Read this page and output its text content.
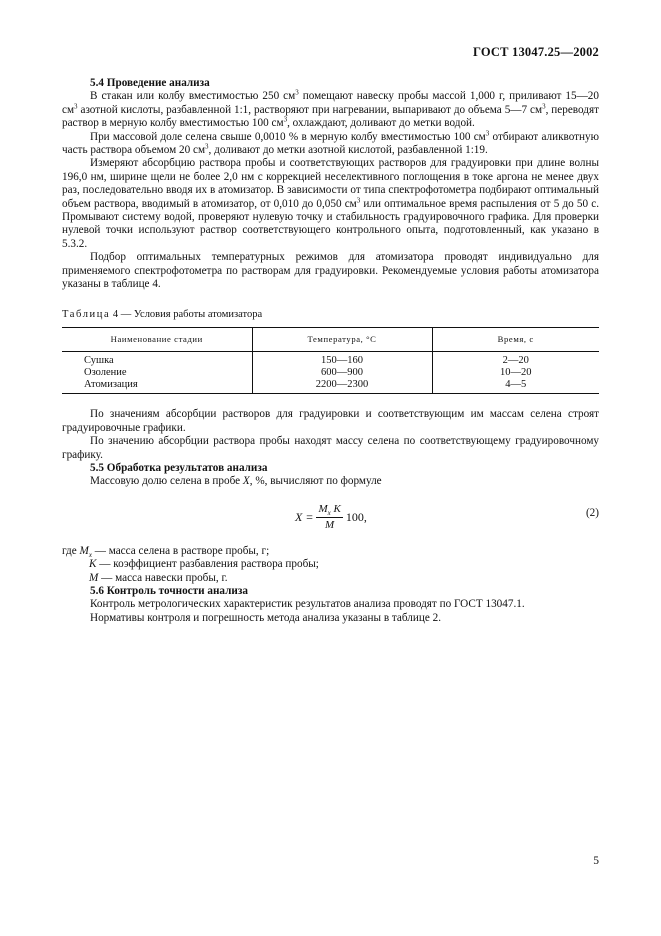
ГОСТ 13047.25—2002

5.4 Проведение анализа

В стакан или колбу вместимостью 250 $см^3$ помещают навеску пробы массой 1,000 г, приливают 15—20 $см^3$ азотной кислоты, разбавленной 1:1, растворяют при нагревании, выпаривают до объема 5—7 $см^3$, переводят раствор в мерную колбу вместимостью 100 $см^3$, охлаждают, доливают до метки водой.

При массовой доле селена свыше 0,0010 % в мерную колбу вместимостью 100 $см^3$ отбирают аликвотную часть раствора объемом 20 $см^3$, доливают до метки азотной кислотой, разбавленной 1:19.

Измеряют абсорбцию раствора пробы и соответствующих растворов для градуировки при длине волны 196,0 нм, ширине щели не более 2,0 нм с коррекцией неселективного поглощения в токе аргона не менее двух раз, последовательно вводя их в атомизатор. В зависимости от типа спектрофотометра подбирают оптимальный объем раствора, вводимый в атомизатор, от 0,010 до 0,050 $см^3$ или оптимальное время распыления от 5 до 50 с. Промывают систему водой, проверяют нулевую точку и стабильность градуировочного графика. Для проверки нулевой точки используют раствор соответствующего контрольного опыта, подготовленный, как указано в 5.3.2.

Подбор оптимальных температурных режимов для атомизатора проводят индивидуально для применяемого спектрофотометра по растворам для градуировки. Рекомендуемые условия работы атомизатора указаны в таблице 4.

Таблица 4 — Условия работы атомизатора
Наименование стадии	Температура, °С	Время, с
Сушка	150—160	2—20
Озоление	600—900	10—20
Атомизация	2200—2300	4—5

По значениям абсорбции растворов для градуировки и соответствующим им массам селена строят градуировочные графики.

По значению абсорбции раствора пробы находят массу селена по соответствующему градуировочному графику.

5.5 Обработка результатов анализа

Массовую долю селена в пробе X, %, вычисляют по формуле

$X = \frac{M_x K}{M} 100$,	(2)

где $M_x$ — масса селена в растворе пробы, г;

K — коэффициент разбавления раствора пробы;

M — масса навески пробы, г.

5.6 Контроль точности анализа

Контроль метрологических характеристик результатов анализа проводят по ГОСТ 13047.1.

Нормативы контроля и погрешность метода анализа указаны в таблице 2.

5
